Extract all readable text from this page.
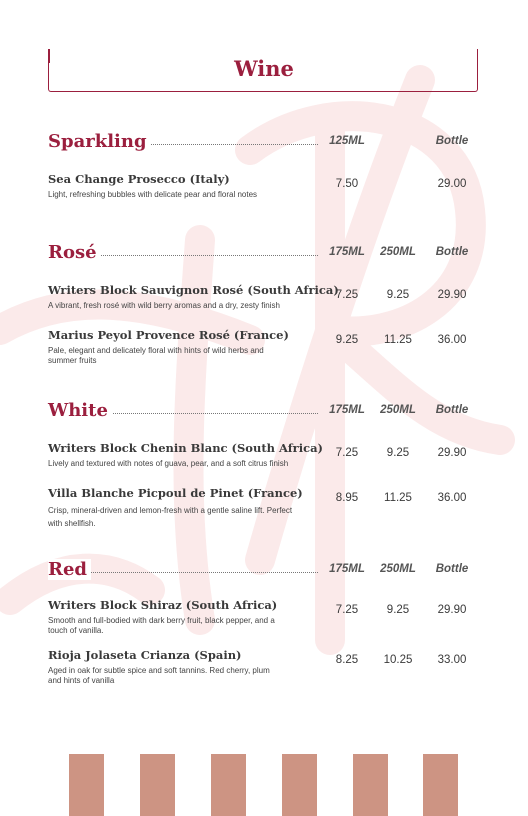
Wine
Sparkling	125ML	Bottle
Sea Change Prosecco (Italy)
Light, refreshing bubbles with delicate pear and floral notes
7.50	29.00
Rosé	175ML	250ML	Bottle
Writers Block Sauvignon Rosé (South Africa)
A vibrant, fresh rosé with wild berry aromas and a dry, zesty finish
7.25	9.25	29.90
Marius Peyol Provence Rosé (France)
Pale, elegant and delicately floral with hints of wild herbs and summer fruits
9.25	11.25	36.00
White	175ML	250ML	Bottle
Writers Block Chenin Blanc (South Africa)
Lively and textured with notes of guava, pear, and a soft citrus finish
7.25	9.25	29.90
Villa Blanche Picpoul de Pinet (France)
Crisp, mineral-driven and lemon-fresh with a gentle saline lift. Perfect with shellfish.
8.95	11.25	36.00
Red	175ML	250ML	Bottle
Writers Block Shiraz (South Africa)
Smooth and full-bodied with dark berry fruit, black pepper, and a touch of vanilla.
7.25	9.25	29.90
Rioja Jolaseta Crianza (Spain)
Aged in oak for subtle spice and soft tannins. Red cherry, plum and hints of vanilla
8.25	10.25	33.00
